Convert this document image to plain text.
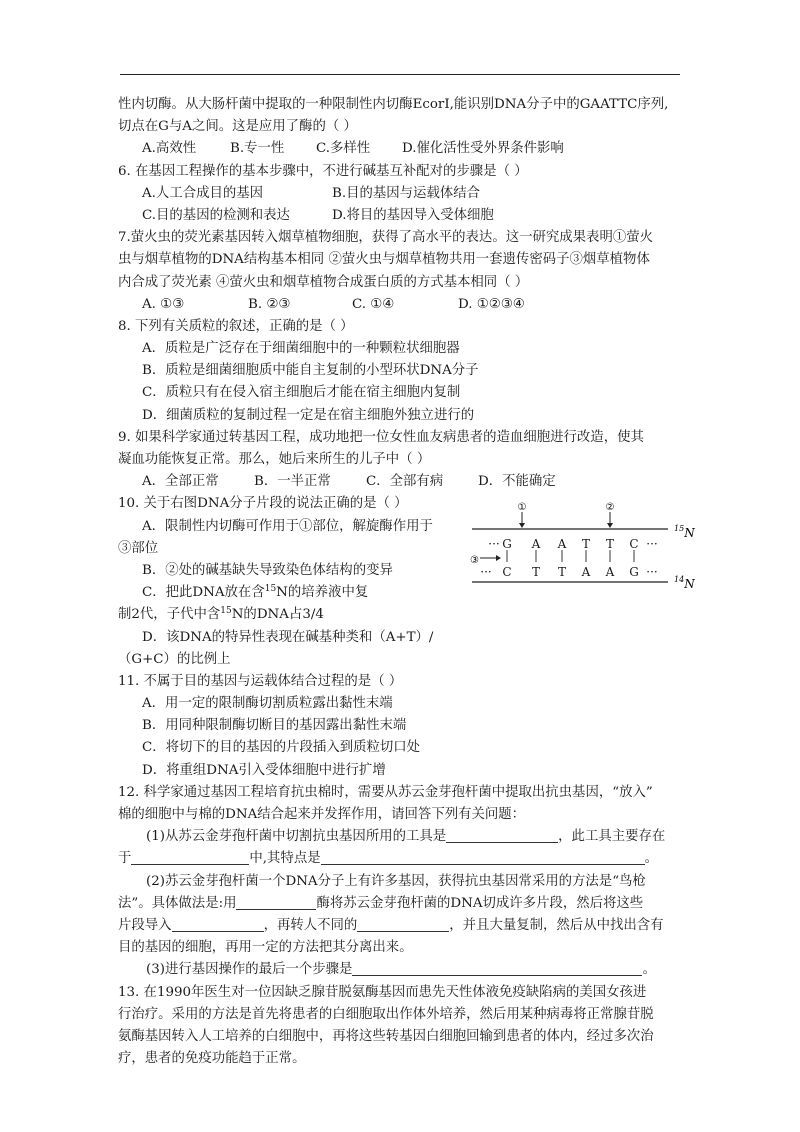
性内切酶。从大肠杆菌中提取的一种限制性内切酶EcorⅠ,能识别DNA分子中的GAATTC序列,
切点在G与A之间。这是应用了酶的（ ）
A.高效性	B.专一性	C.多样性	D.催化活性受外界条件影响
6. 在基因工程操作的基本步骤中，不进行碱基互补配对的步骤是（ ）
A.人工合成目的基因	B.目的基因与运载体结合
C.目的基因的检测和表达	D.将目的基因导入受体细胞
7.萤火虫的荧光素基因转入烟草植物细胞，获得了高水平的表达。这一研究成果表明①萤火
虫与烟草植物的DNA结构基本相同 ②萤火虫与烟草植物共用一套遗传密码子③烟草植物体
内合成了荧光素 ④萤火虫和烟草植物合成蛋白质的方式基本相同（ ）
A. ①③	B. ②③	C. ①④	D. ①②③④
8. 下列有关质粒的叙述，正确的是（ ）
A．质粒是广泛存在于细菌细胞中的一种颗粒状细胞器
B．质粒是细菌细胞质中能自主复制的小型环状DNA分子
C．质粒只有在侵入宿主细胞后才能在宿主细胞内复制
D．细菌质粒的复制过程一定是在宿主细胞外独立进行的
9. 如果科学家通过转基因工程，成功地把一位女性血友病患者的造血细胞进行改造，使其
凝血功能恢复正常。那么，她后来所生的儿子中（ ）
A．全部正常	B．一半正常	C．全部有病	D．不能确定
10. 关于右图DNA分子片段的说法正确的是（ ）
A．限制性内切酶可作用于①部位，解旋酶作用于
③部位
B．②处的碱基缺失导致染色体结构的变异
C．把此DNA放在含$^{15}$N的培养液中复
制2代，子代中含$^{15}$N的DNA占3/4
D．该DNA的特异性表现在碱基种类和（A+T）/
（G+C）的比例上
11. 不属于目的基因与运载体结合过程的是（ ）
A．用一定的限制酶切割质粒露出黏性末端
B．用同种限制酶切断目的基因露出黏性末端
C．将切下的目的基因的片段插入到质粒切口处
D．将重组DNA引入受体细胞中进行扩增
12. 科学家通过基因工程培育抗虫棉时，需要从苏云金芽孢杆菌中提取出抗虫基因，“放入”
棉的细胞中与棉的DNA结合起来并发挥作用，请回答下列有关问题：
(1)从苏云金芽孢杆菌中切割抗虫基因所用的工具是	，此工具主要存在
于	中,其特点是	。
(2)苏云金芽孢杆菌一个DNA分子上有许多基因，获得抗虫基因常采用的方法是“鸟枪
法”。具体做法是:用	酶将苏云金芽孢杆菌的DNA切成许多片段，然后将这些
片段导入	，再转人不同的	，并且大量复制，然后从中找出含有
目的基因的细胞，再用一定的方法把其分离出来。
(3)进行基因操作的最后一个步骤是	。
13. 在1990年医生对一位因缺乏腺苷脱氨酶基因而患先天性体液免疫缺陷病的美国女孩进
行治疗。采用的方法是首先将患者的白细胞取出作体外培养，然后用某种病毒将正常腺苷脱
氨酶基因转入人工培养的白细胞中，再将这些转基因白细胞回输到患者的体内，经过多次治
疗，患者的免疫功能趋于正常。
①	②
··· G A A T T C ···
··· C T T A A G ···
③
$^{15}$N
$^{14}$N
